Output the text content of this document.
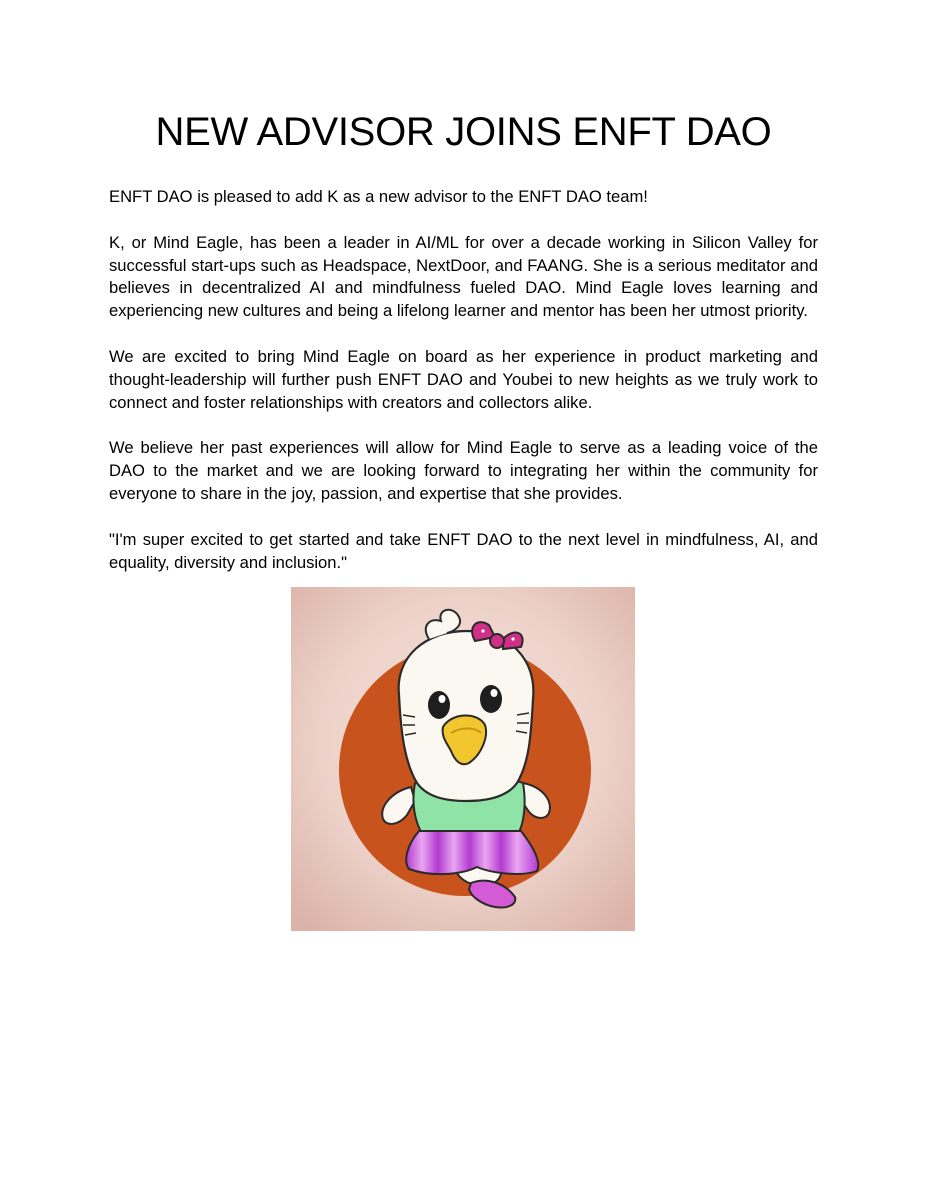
NEW ADVISOR JOINS ENFT DAO

ENFT DAO is pleased to add K as a new advisor to the ENFT DAO team!

K, or Mind Eagle, has been a leader in AI/ML for over a decade working in Silicon Valley for successful start-ups such as Headspace, NextDoor, and FAANG. She is a serious meditator and believes in decentralized AI and mindfulness fueled DAO. Mind Eagle loves learning and experiencing new cultures and being a lifelong learner and mentor has been her utmost priority.

We are excited to bring Mind Eagle on board as her experience in product marketing and thought-leadership will further push ENFT DAO and Youbei to new heights as we truly work to connect and foster relationships with creators and collectors alike.

We believe her past experiences will allow for Mind Eagle to serve as a leading voice of the DAO to the market and we are looking forward to integrating her within the community for everyone to share in the joy, passion, and expertise that she provides.

"I'm super excited to get started and take ENFT DAO to the next level in mindfulness, AI, and equality, diversity and inclusion."
